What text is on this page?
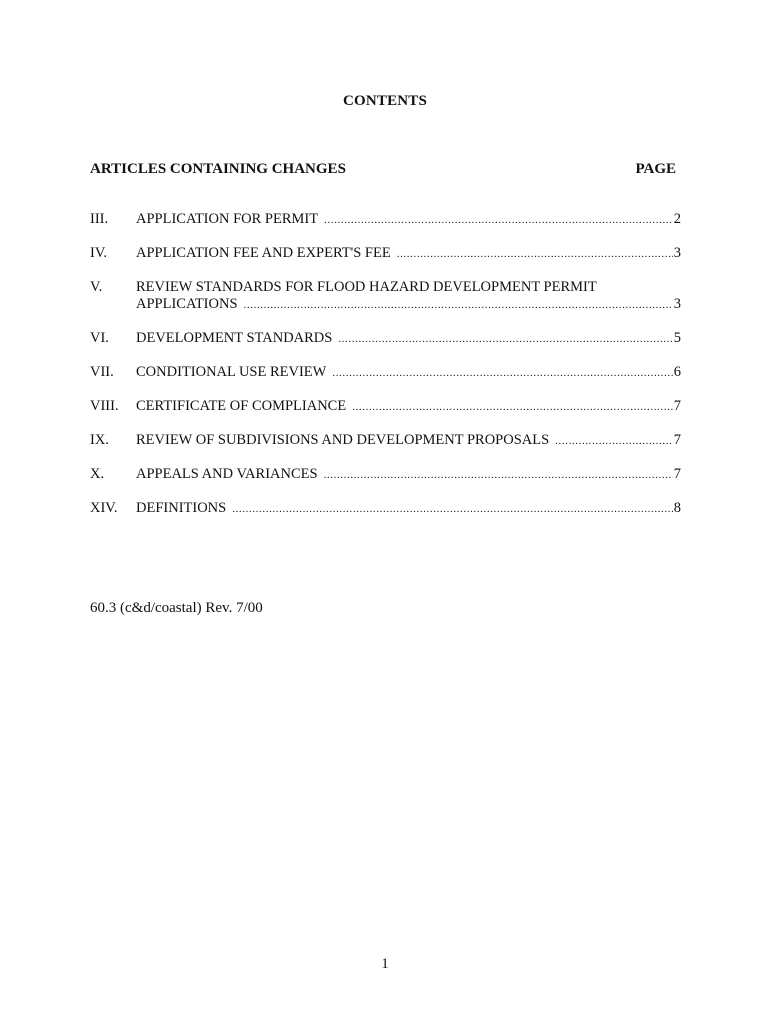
CONTENTS
ARTICLES CONTAINING CHANGES	PAGE
III.	APPLICATION FOR PERMIT .....	2
IV.	APPLICATION FEE AND EXPERT'S FEE .....	3
V.	REVIEW STANDARDS FOR FLOOD HAZARD DEVELOPMENT PERMIT
APPLICATIONS .....	3
VI.	DEVELOPMENT STANDARDS .....	5
VII.	CONDITIONAL USE REVIEW .....	6
VIII.	CERTIFICATE OF COMPLIANCE .....	7
IX.	REVIEW OF SUBDIVISIONS AND DEVELOPMENT PROPOSALS .....	7
X.	APPEALS AND VARIANCES .....	7
XIV.	DEFINITIONS .....	8
60.3 (c&d/coastal) Rev. 7/00
1
